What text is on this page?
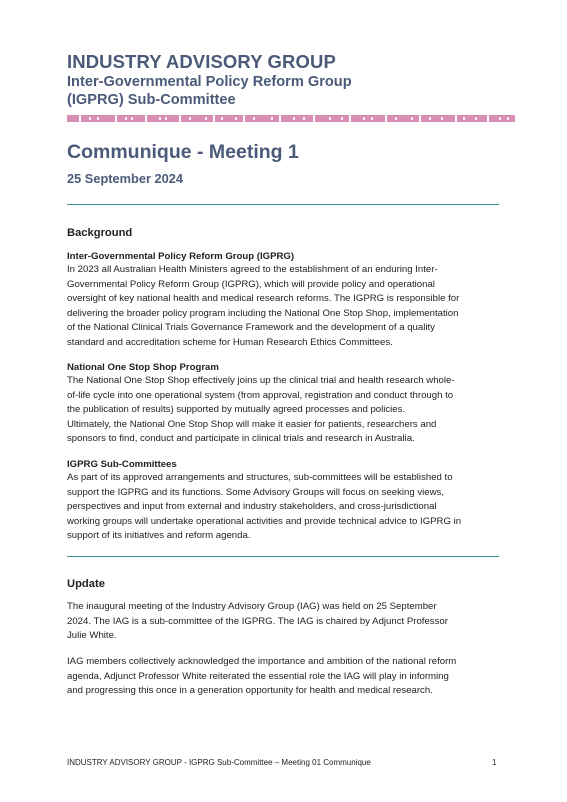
INDUSTRY ADVISORY GROUP
Inter-Governmental Policy Reform Group
(IGPRG) Sub-Committee
Communique - Meeting 1
25 September 2024
Background
Inter-Governmental Policy Reform Group (IGPRG)
In 2023 all Australian Health Ministers agreed to the establishment of an enduring Inter-
Governmental Policy Reform Group (IGPRG), which will provide policy and operational
oversight of key national health and medical research reforms. The IGPRG is responsible for
delivering the broader policy program including the National One Stop Shop, implementation
of the National Clinical Trials Governance Framework and the development of a quality
standard and accreditation scheme for Human Research Ethics Committees.
National One Stop Shop Program
The National One Stop Shop effectively joins up the clinical trial and health research whole-
of-life cycle into one operational system (from approval, registration and conduct through to
the publication of results) supported by mutually agreed processes and policies.
Ultimately, the National One Stop Shop will make it easier for patients, researchers and
sponsors to find, conduct and participate in clinical trials and research in Australia.
IGPRG Sub-Committees
As part of its approved arrangements and structures, sub-committees will be established to
support the IGPRG and its functions. Some Advisory Groups will focus on seeking views,
perspectives and input from external and industry stakeholders, and cross-jurisdictional
working groups will undertake operational activities and provide technical advice to IGPRG in
support of its initiatives and reform agenda.
Update
The inaugural meeting of the Industry Advisory Group (IAG) was held on 25 September
2024. The IAG is a sub-committee of the IGPRG. The IAG is chaired by Adjunct Professor
Julie White.
IAG members collectively acknowledged the importance and ambition of the national reform
agenda, Adjunct Professor White reiterated the essential role the IAG will play in informing
and progressing this once in a generation opportunity for health and medical research.
INDUSTRY ADVISORY GROUP - IGPRG Sub-Committee – Meeting 01 Communique	1
